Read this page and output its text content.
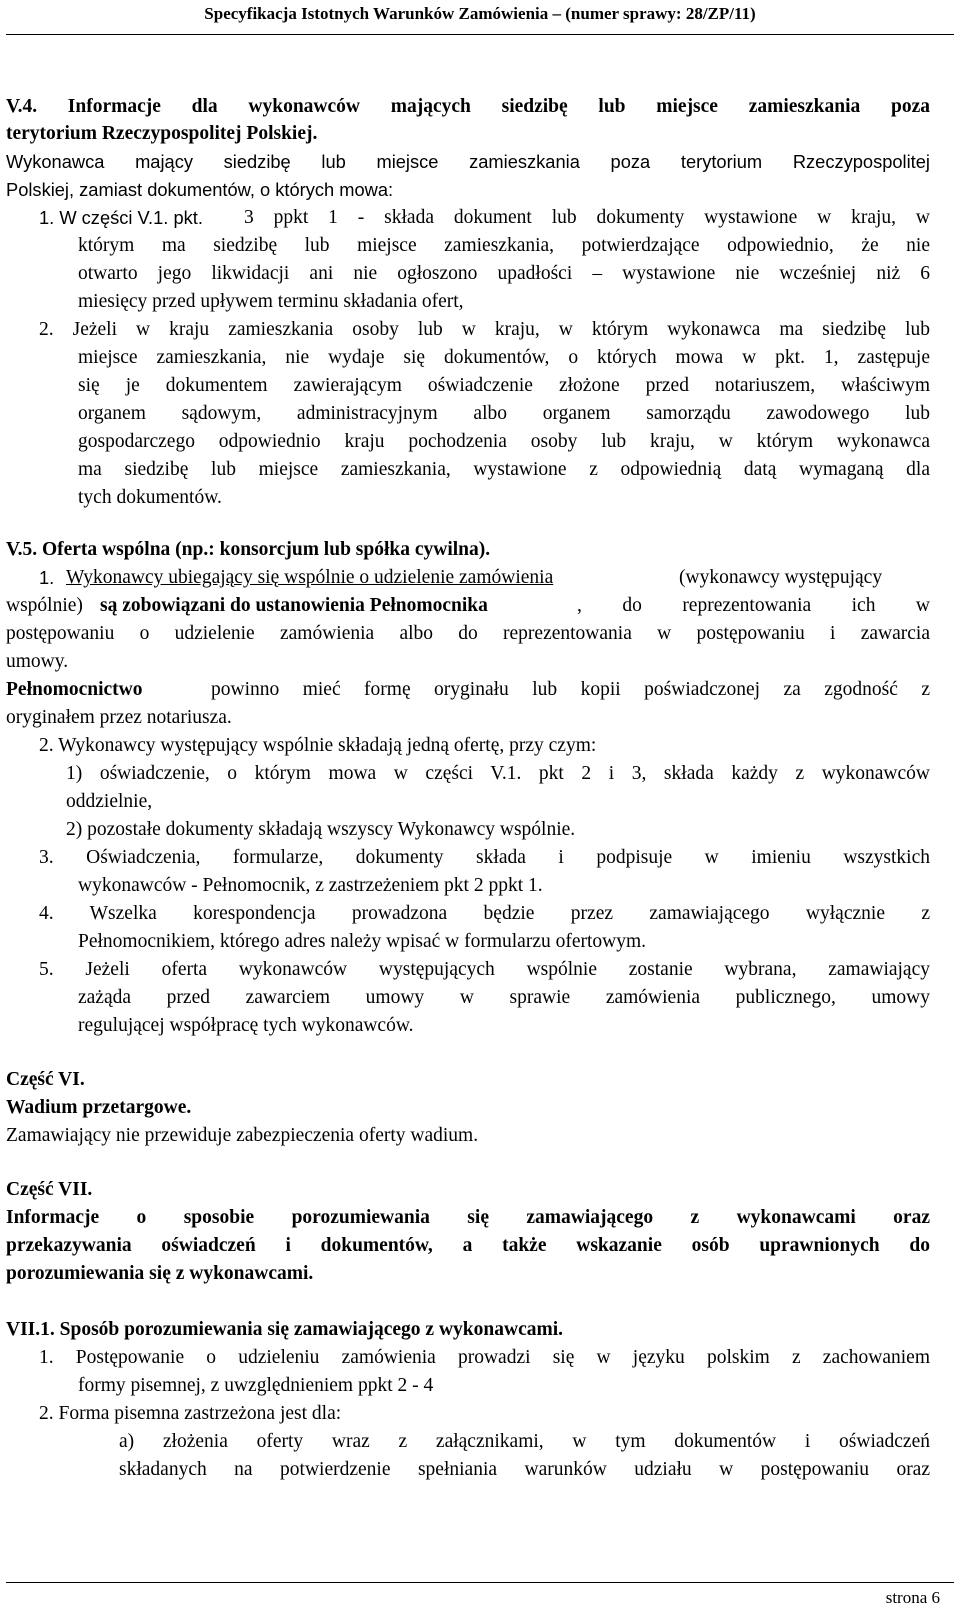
Specyfikacja Istotnych Warunków Zamówienia – (numer sprawy: 28/ZP/11)
V.4. Informacje dla wykonawców mających siedzibę lub miejsce zamieszkania poza
terytorium Rzeczypospolitej Polskiej.
Wykonawca mający siedzibę lub miejsce zamieszkania poza terytorium Rzeczypospolitej
Polskiej, zamiast dokumentów, o których mowa:
1. W części V.1. pkt. 3 ppkt 1 - składa dokument lub dokumenty wystawione w kraju, w
którym ma siedzibę lub miejsce zamieszkania, potwierdzające odpowiednio, że nie
otwarto jego likwidacji ani nie ogłoszono upadłości – wystawione nie wcześniej niż 6
miesięcy przed upływem terminu składania ofert,
2. Jeżeli w kraju zamieszkania osoby lub w kraju, w którym wykonawca ma siedzibę lub
miejsce zamieszkania, nie wydaje się dokumentów, o których mowa w pkt. 1, zastępuje
się je dokumentem zawierającym oświadczenie złożone przed notariuszem, właściwym
organem sądowym, administracyjnym albo organem samorządu zawodowego lub
gospodarczego odpowiednio kraju pochodzenia osoby lub kraju, w którym wykonawca
ma siedzibę lub miejsce zamieszkania, wystawione z odpowiednią datą wymaganą dla
tych dokumentów.
V.5. Oferta wspólna (np.: konsorcjum lub spółka cywilna).
1. Wykonawcy ubiegający się wspólnie o udzielenie zamówienia	(wykonawcy występujący
wspólnie) są zobowiązani do ustanowienia Pełnomocnika	, do reprezentowania ich w
postępowaniu o udzielenie zamówienia albo do reprezentowania w postępowaniu i zawarcia
umowy.
Pełnomocnictwo	powinno mieć formę oryginału lub kopii poświadczonej za zgodność z
oryginałem przez notariusza.
2. Wykonawcy występujący wspólnie składają jedną ofertę, przy czym:
1) oświadczenie, o którym mowa w części V.1. pkt 2 i 3, składa każdy z wykonawców
oddzielnie,
2) pozostałe dokumenty składają wszyscy Wykonawcy wspólnie.
3. Oświadczenia, formularze, dokumenty składa i podpisuje w imieniu wszystkich
wykonawców - Pełnomocnik, z zastrzeżeniem pkt 2 ppkt 1.
4. Wszelka korespondencja prowadzona będzie przez zamawiającego wyłącznie z
Pełnomocnikiem, którego adres należy wpisać w formularzu ofertowym.
5. Jeżeli oferta wykonawców występujących wspólnie zostanie wybrana, zamawiający
zażąda przed zawarciem umowy w sprawie zamówienia publicznego, umowy
regulującej współpracę tych wykonawców.
Część VI.
Wadium przetargowe.
Zamawiający nie przewiduje zabezpieczenia oferty wadium.
Część VII.
Informacje o sposobie porozumiewania się zamawiającego z wykonawcami oraz
przekazywania oświadczeń i dokumentów, a także wskazanie osób uprawnionych do
porozumiewania się z wykonawcami.
VII.1. Sposób porozumiewania się zamawiającego z wykonawcami.
1. Postępowanie o udzieleniu zamówienia prowadzi się w języku polskim z zachowaniem
formy pisemnej, z uwzględnieniem ppkt 2 - 4
2. Forma pisemna zastrzeżona jest dla:
a) złożenia oferty wraz z załącznikami, w tym dokumentów i oświadczeń
składanych na potwierdzenie spełniania warunków udziału w postępowaniu oraz
strona 6
